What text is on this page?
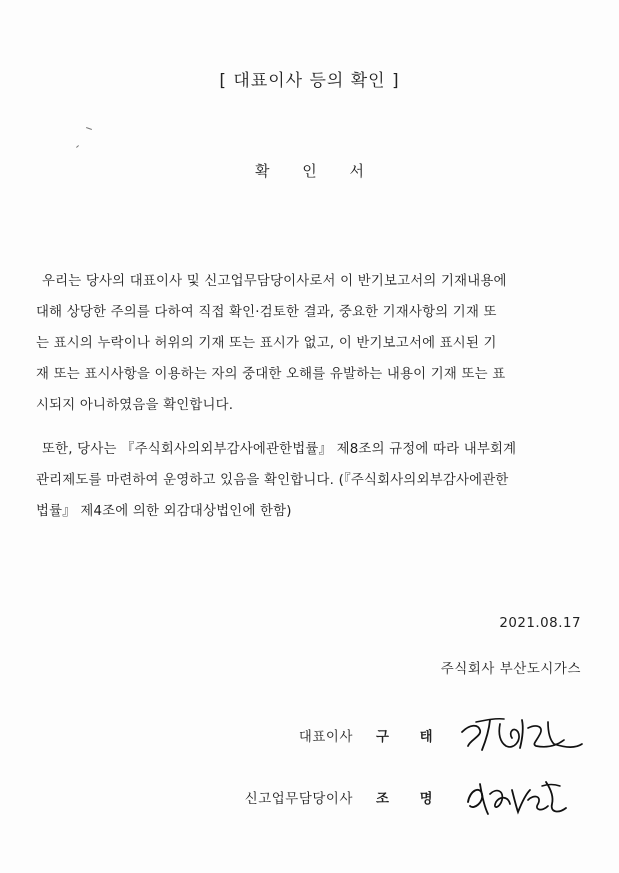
[ 대표이사 등의 확인 ]
확 인 서
우리는 당사의 대표이사 및 신고업무담당이사로서 이 반기보고서의 기재내용에
대해 상당한 주의를 다하여 직접 확인·검토한 결과, 중요한 기재사항의 기재 또
는 표시의 누락이나 허위의 기재 또는 표시가 없고, 이 반기보고서에 표시된 기
재 또는 표시사항을 이용하는 자의 중대한 오해를 유발하는 내용이 기재 또는 표
시되지 아니하였음을 확인합니다.
또한, 당사는 『주식회사의외부감사에관한법률』 제8조의 규정에 따라 내부회계
관리제도를 마련하여 운영하고 있음을 확인합니다. (『주식회사의외부감사에관한
법률』 제4조에 의한 외감대상법인에 한함)
2021.08.17
주식회사 부산도시가스
대표이사 구 태
신고업무담당이사 조 명
